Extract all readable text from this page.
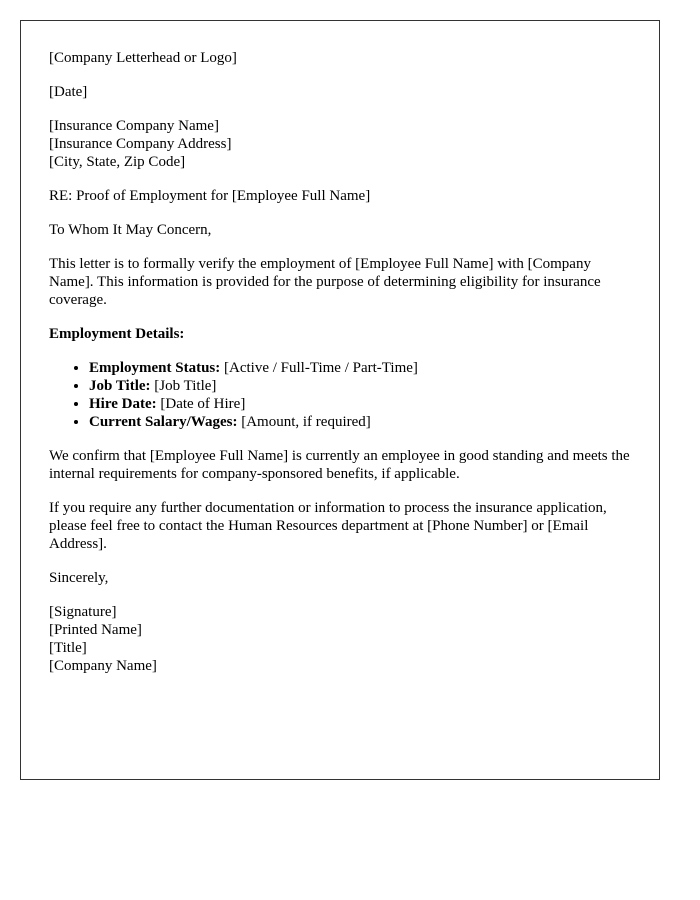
[Company Letterhead or Logo]

[Date]

[Insurance Company Name]
[Insurance Company Address]
[City, State, Zip Code]

RE: Proof of Employment for [Employee Full Name]

To Whom It May Concern,

This letter is to formally verify the employment of [Employee Full Name] with [Company Name]. This information is provided for the purpose of determining eligibility for insurance coverage.

Employment Details:
• Employment Status: [Active / Full-Time / Part-Time]
• Job Title: [Job Title]
• Hire Date: [Date of Hire]
• Current Salary/Wages: [Amount, if required]

We confirm that [Employee Full Name] is currently an employee in good standing and meets the internal requirements for company-sponsored benefits, if applicable.

If you require any further documentation or information to process the insurance application, please feel free to contact the Human Resources department at [Phone Number] or [Email Address].

Sincerely,

[Signature]
[Printed Name]
[Title]
[Company Name]
